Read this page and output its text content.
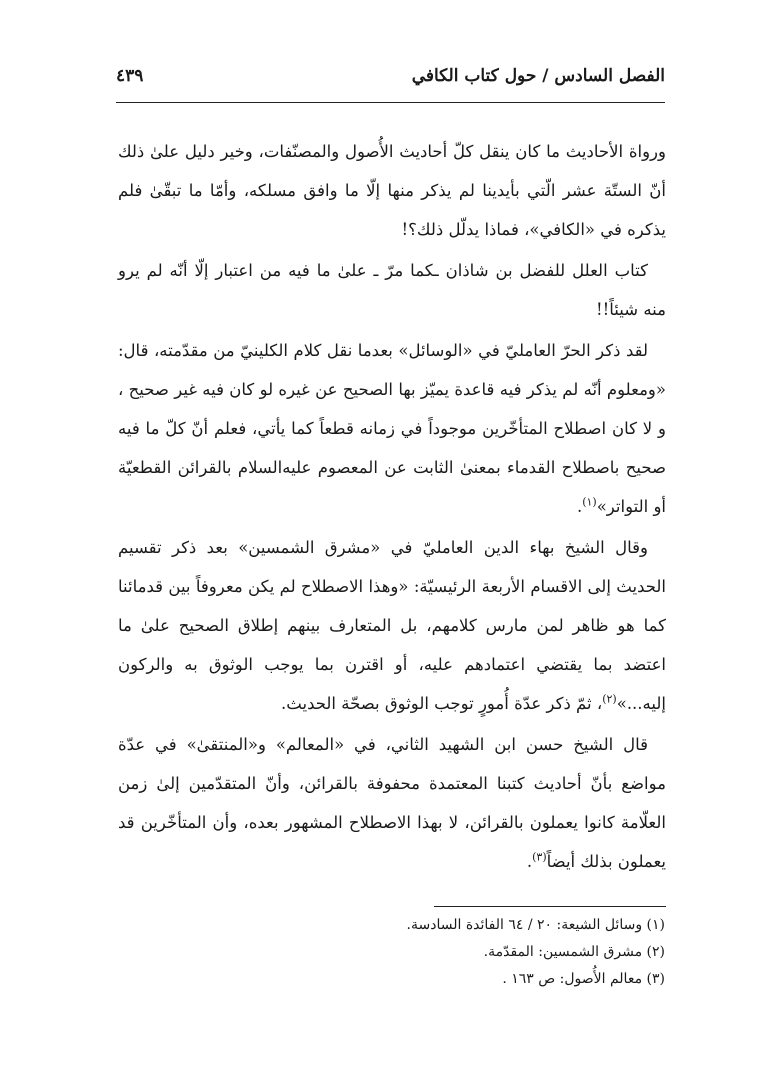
الفصل السادس / حول كتاب الكافي
٤٣٩

ورواة الأحاديث ما كان ينقل كلّ أحاديث الأُصول والمصنّفات، وخير دليل علىٰ ذلك أنّ الستّة عشر الّتي بأيدينا لم يذكر منها إلّا ما وافق مسلكه، وأمّا ما تبقّىٰ فلم يذكره في «الكافي»، فماذا يدلّل ذلك؟!

كتاب العلل للفضل بن شاذان ـكما مرّ ـ علىٰ ما فيه من اعتبار إلّا أنّه لم يرو منه شيئاً!!

لقد ذكر الحرّ العامليّ في «الوسائل» بعدما نقل كلام الكلينيّ من مقدّمته، قال: «ومعلوم أنّه لم يذكر فيه قاعدة يميّز بها الصحيح عن غيره لو كان فيه غير صحيح ، و لا كان اصطلاح المتأخّرين موجوداً في زمانه قطعاً كما يأتي، فعلم أنّ كلّ ما فيه صحيح باصطلاح القدماء بمعنىٰ الثابت عن المعصوم عليه‌السلام بالقرائن القطعيّة أو التواتر»$^{(١)}$.

وقال الشيخ بهاء الدين العامليّ في «مشرق الشمسين» بعد ذكر تقسيم الحديث إلى الاقسام الأربعة الرئيسيّة: «وهذا الاصطلاح لم يكن معروفاً بين قدمائنا كما هو ظاهر لمن مارس كلامهم، بل المتعارف بينهم إطلاق الصحيح علىٰ ما اعتضد بما يقتضي اعتمادهم عليه، أو اقترن بما يوجب الوثوق به والركون إليه...»$^{(٢)}$، ثمّ ذكر عدّة أُمورٍ توجب الوثوق بصحّة الحديث.

قال الشيخ حسن ابن الشهيد الثاني، في «المعالم» و«المنتقىٰ» في عدّة مواضع بأنّ أحاديث كتبنا المعتمدة محفوفة بالقرائن، وأنّ المتقدّمين إلىٰ زمن العلّامة كانوا يعملون بالقرائن، لا بهذا الاصطلاح المشهور بعده، وأن المتأخّرين قد يعملون بذلك أيضاً$^{(٣)}$.

(١) وسائل الشيعة: ٢٠ / ٦٤ الفائدة السادسة.

(٢) مشرق الشمسين: المقدّمة.

(٣) معالم الأُصول: ص ١٦٣ .
